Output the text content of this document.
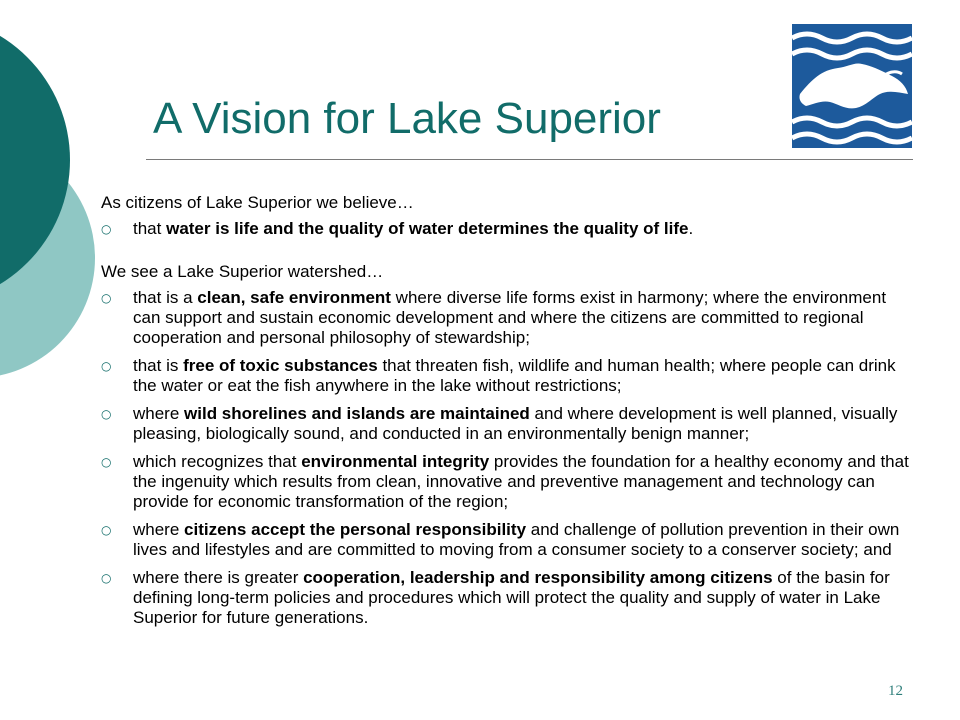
A Vision for Lake Superior

As citizens of Lake Superior we believe…

○ that water is life and the quality of water determines the quality of life.

We see a Lake Superior watershed…

○ that is a clean, safe environment where diverse life forms exist in harmony; where the environment can support and sustain economic development and where the citizens are committed to regional cooperation and personal philosophy of stewardship;
○ that is free of toxic substances that threaten fish, wildlife and human health; where people can drink the water or eat the fish anywhere in the lake without restrictions;
○ where wild shorelines and islands are maintained and where development is well planned, visually pleasing, biologically sound, and conducted in an environmentally benign manner;
○ which recognizes that environmental integrity provides the foundation for a healthy economy and that the ingenuity which results from clean, innovative and preventive management and technology can provide for economic transformation of the region;
○ where citizens accept the personal responsibility and challenge of pollution prevention in their own lives and lifestyles and are committed to moving from a consumer society to a conserver society; and
○ where there is greater cooperation, leadership and responsibility among citizens of the basin for defining long-term policies and procedures which will protect the quality and supply of water in Lake Superior for future generations.
12
